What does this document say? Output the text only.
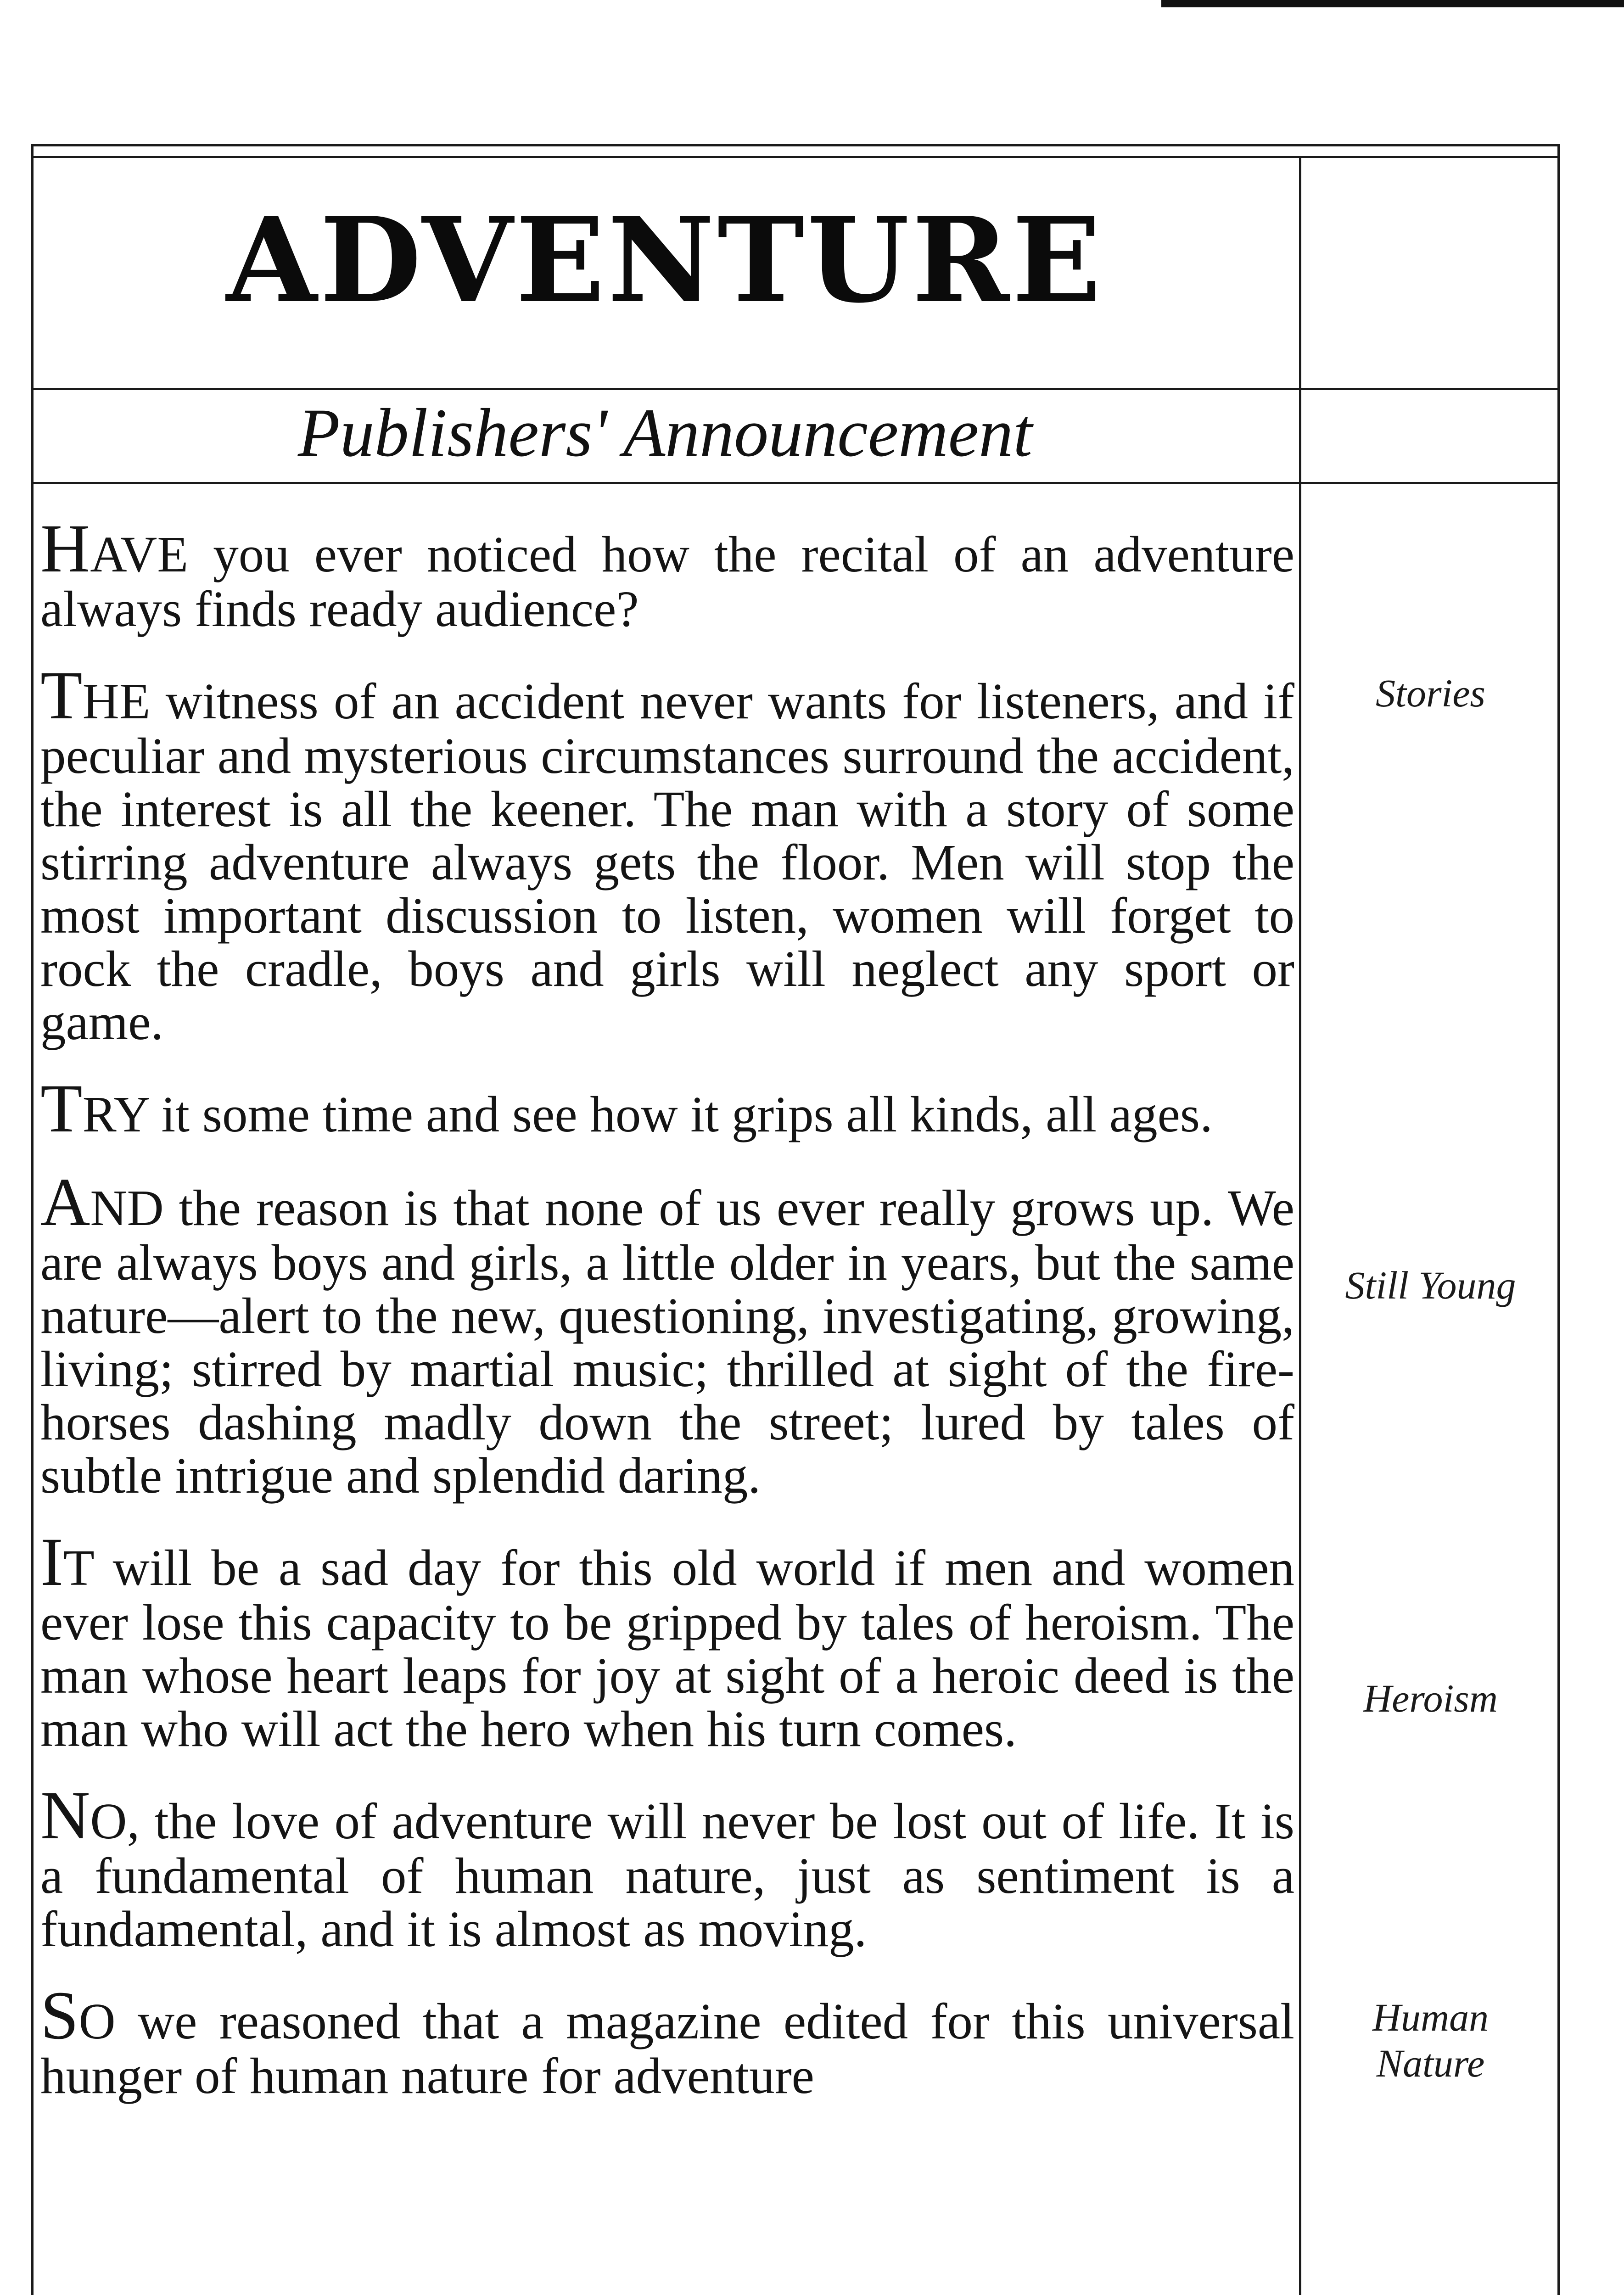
ADVENTURE
Publishers' Announcement

HAVE you ever noticed how the recital of an adventure always finds ready audience?

THE witness of an accident never wants for listeners, and if peculiar and mysterious circumstances surround the accident, the interest is all the keener. The man with a story of some stirring adventure always gets the floor. Men will stop the most important discussion to listen, women will forget to rock the cradle, boys and girls will neglect any sport or game.

TRY it some time and see how it grips all kinds, all ages.

AND the reason is that none of us ever really grows up. We are always boys and girls, a little older in years, but the same nature—alert to the new, questioning, investigating, growing, living; stirred by martial music; thrilled at sight of the fire-horses dashing madly down the street; lured by tales of subtle intrigue and splendid daring.

IT will be a sad day for this old world if men and women ever lose this capacity to be gripped by tales of heroism. The man whose heart leaps for joy at sight of a heroic deed is the man who will act the hero when his turn comes.

NO, the love of adventure will never be lost out of life. It is a fundamental of human nature, just as sentiment is a fundamental, and it is almost as moving.

SO we reasoned that a magazine edited for this universal hunger of human nature for adventure

Stories
Still Young
Heroism
Human Nature
